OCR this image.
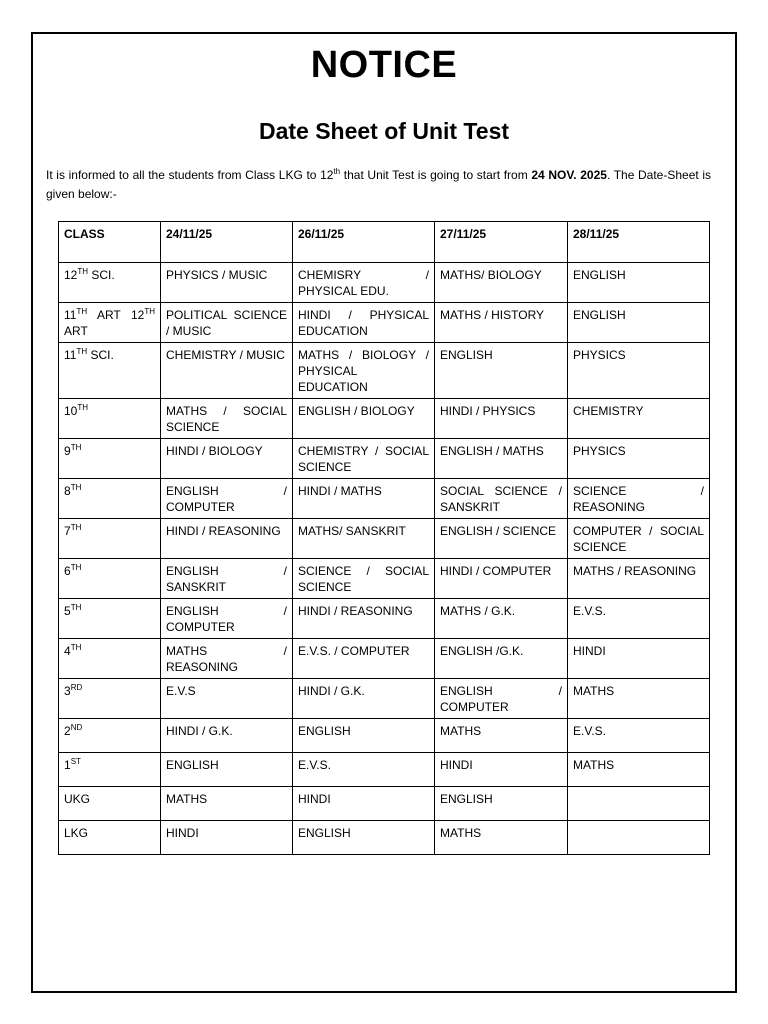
NOTICE
Date Sheet of Unit Test
It is informed to all the students from Class LKG to 12th that Unit Test is going to start from 24 NOV. 2025. The Date-Sheet is given below:-
CLASS	24/11/25	26/11/25	27/11/25	28/11/25
12TH SCI.	PHYSICS / MUSIC	CHEMISRY / PHYSICAL EDU.	MATHS/ BIOLOGY	ENGLISH
11TH ART 12TH ART	POLITICAL SCIENCE / MUSIC	HINDI / PHYSICAL EDUCATION	MATHS / HISTORY	ENGLISH
11TH SCI.	CHEMISTRY / MUSIC	MATHS / BIOLOGY / PHYSICAL EDUCATION	ENGLISH	PHYSICS
10TH	MATHS / SOCIAL SCIENCE	ENGLISH / BIOLOGY	HINDI / PHYSICS	CHEMISTRY
9TH	HINDI / BIOLOGY	CHEMISTRY / SOCIAL SCIENCE	ENGLISH / MATHS	PHYSICS
8TH	ENGLISH / COMPUTER	HINDI / MATHS	SOCIAL SCIENCE / SANSKRIT	SCIENCE / REASONING
7TH	HINDI / REASONING	MATHS/ SANSKRIT	ENGLISH / SCIENCE	COMPUTER / SOCIAL SCIENCE
6TH	ENGLISH / SANSKRIT	SCIENCE / SOCIAL SCIENCE	HINDI / COMPUTER	MATHS / REASONING
5TH	ENGLISH / COMPUTER	HINDI / REASONING	MATHS / G.K.	E.V.S.
4TH	MATHS / REASONING	E.V.S. / COMPUTER	ENGLISH /G.K.	HINDI
3RD	E.V.S	HINDI / G.K.	ENGLISH / COMPUTER	MATHS
2ND	HINDI / G.K.	ENGLISH	MATHS	E.V.S.
1ST	ENGLISH	E.V.S.	HINDI	MATHS
UKG	MATHS	HINDI	ENGLISH	
LKG	HINDI	ENGLISH	MATHS	
